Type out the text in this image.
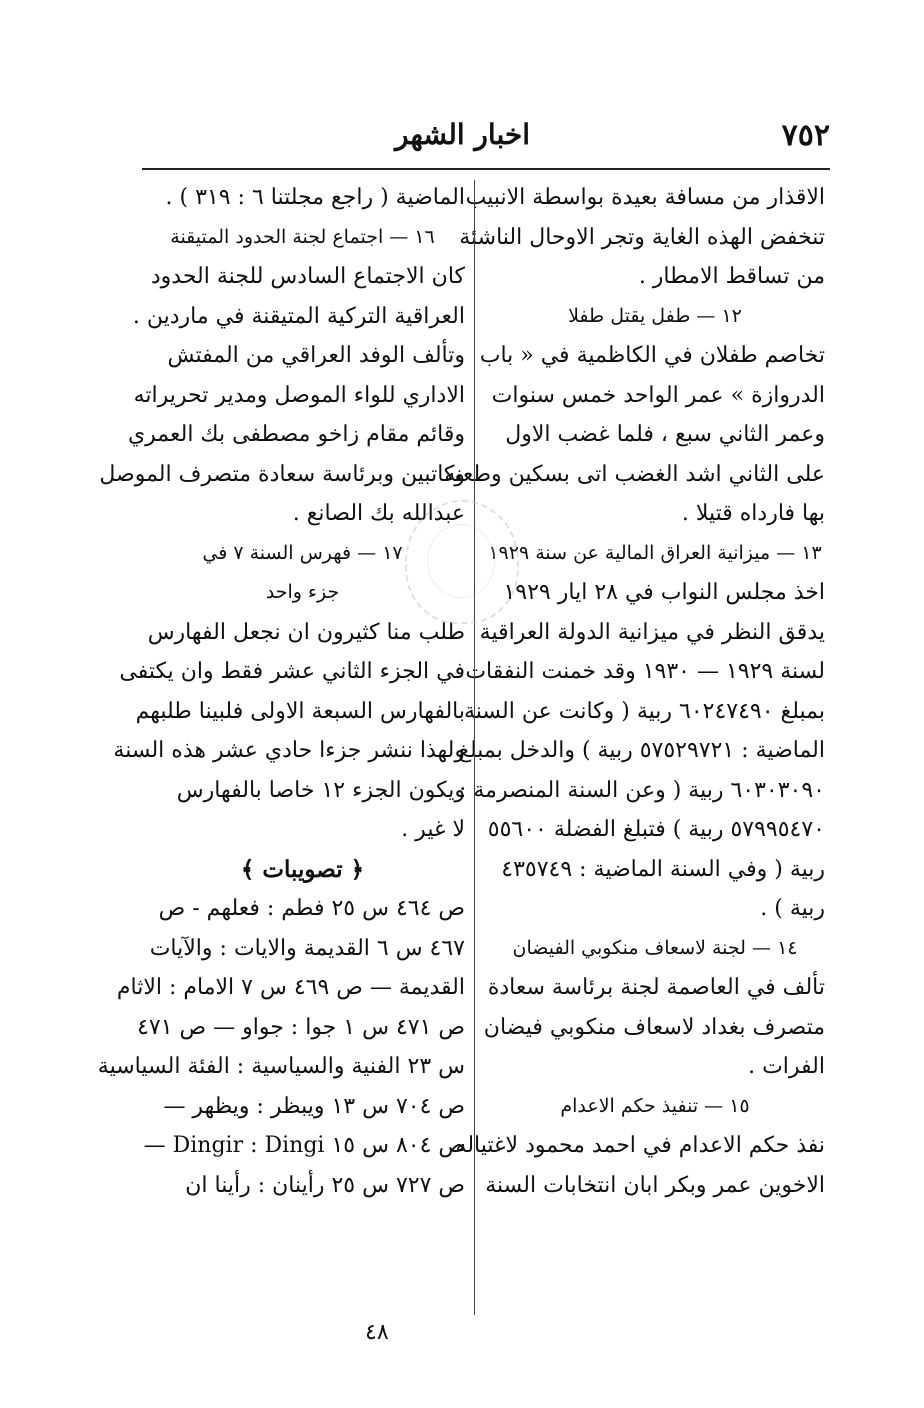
٧٥٢
اخبار الشهر
الاقذار من مسافة بعيدة بواسطة الانبيب
تنخفض الهذه الغاية وتجر الاوحال الناشئة
من تساقط الامطار .
١٢ — طفل يقتل طفلا
تخاصم طفلان في الكاظمية في « باب
الدروازة » عمر الواحد خمس سنوات
وعمر الثاني سبع ، فلما غضب الاول
على الثاني اشد الغضب اتى بسكين وطعنه
بها فارداه قتيلا .
١٣ — ميزانية العراق المالية عن سنة ١٩٢٩
اخذ مجلس النواب في ٢٨ ايار ١٩٢٩
يدقق النظر في ميزانية الدولة العراقية
لسنة ١٩٢٩ — ١٩٣٠ وقد خمنت النفقات
بمبلغ ٦٠٢٤٧٤٩٠ ربية ( وكانت عن السنة
الماضية : ٥٧٥٢٩٧٢١ ربية ) والدخل بمبلغ
٦٠٣٠٣٠٩٠ ربية ( وعن السنة المنصرمة :
٥٧٩٩٥٤٧٠ ربية ) فتبلغ الفضلة ٥٥٦٠٠
ربية ( وفي السنة الماضية : ٤٣٥٧٤٩
ربية ) .
١٤ — لجنة لاسعاف منكوبي الفيضان
تألف في العاصمة لجنة برئاسة سعادة
متصرف بغداد لاسعاف منكوبي فيضان
الفرات .
١٥ — تنفيذ حكم الاعدام
نفذ حكم الاعدام في احمد محمود لاغتياله
الاخوين عمر وبكر ابان انتخابات السنة
الماضية ( راجع مجلتنا ٦ : ٣١٩ ) .
١٦ — اجتماع لجنة الحدود المتيقنة
كان الاجتماع السادس للجنة الحدود
العراقية التركية المتيقنة في ماردين .
وتألف الوفد العراقي من المفتش
الاداري للواء الموصل ومدير تحريراته
وقائم مقام زاخو مصطفى بك العمري
وكاتبين وبرئاسة سعادة متصرف الموصل
عبدالله بك الصانع .
١٧ — فهرس السنة ٧ في
جزء واحد
طلب منا كثيرون ان نجعل الفهارس
في الجزء الثاني عشر فقط وان يكتفى
بالفهارس السبعة الاولى فلبينا طلبهم
ولهذا ننشر جزءا حادي عشر هذه السنة
ويكون الجزء ١٢ خاصا بالفهارس
لا غير .
﴿ تصويبات ﴾
ص ٤٦٤ س ٢٥ فطم : فعلهم - ص
٤٦٧ س ٦ القديمة والايات : والآيات
القديمة — ص ٤٦٩ س ٧ الامام : الاثام
ص ٤٧١ س ١ جوا : جواو — ص ٤٧١
س ٢٣ الفنية والسياسية : الفئة السياسية
ص ٧٠٤ س ١٣ ويبظر : ويظهر —
ص ٨٠٤ س ١٥ Dingir : Dingi —
ص ٧٢٧ س ٢٥ رأينان : رأينا ان
٤٨
